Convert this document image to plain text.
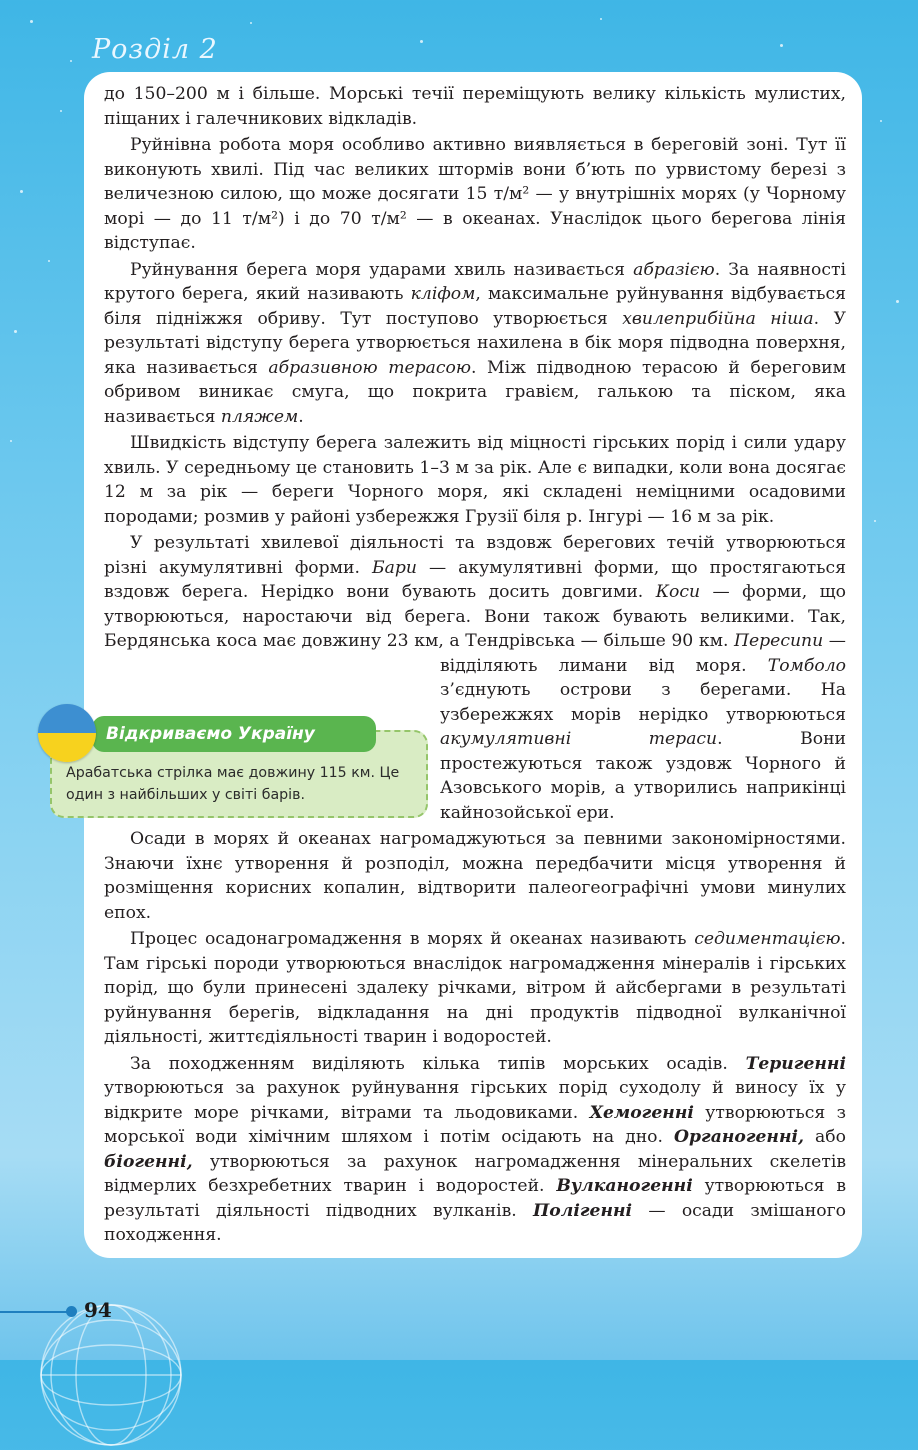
Розділ 2

до 150–200 м і більше. Морські течії переміщують велику кількість мулистих, піщаних і галечникових відкладів.

Руйнівна робота моря особливо активно виявляється в береговій зоні. Тут її виконують хвилі. Під час великих штормів вони б’ють по урвистому березі з величезною силою, що може досягати 15 т/м² — у внутрішніх морях (у Чорному морі — до 11 т/м²) і до 70 т/м² — в океанах. Унаслідок цього берегова лінія відступає.

Руйнування берега моря ударами хвиль називається абразією. За наявності крутого берега, який називають кліфом, максимальне руйнування відбувається біля підніжжя обриву. Тут поступово утворюється хвилеприбійна ніша. У результаті відступу берега утворюється нахилена в бік моря підводна поверхня, яка називається абразивною терасою. Між підводною терасою й береговим обривом виникає смуга, що покрита гравієм, галькою та піском, яка називається пляжем.

Швидкість відступу берега залежить від міцності гірських порід і сили удару хвиль. У середньому це становить 1–3 м за рік. Але є випадки, коли вона досягає 12 м за рік — береги Чорного моря, які складені неміцними осадовими породами; розмив у районі узбережжя Грузії біля р. Інгурі — 16 м за рік.

У результаті хвилевої діяльності та вздовж берегових течій утворюються різні акумулятивні форми. Бари — акумулятивні форми, що простягаються вздовж берега. Нерідко вони бувають досить довгими. Коси — форми, що утворюються, наростаючи від берега. Вони також бувають великими. Так, Бердянська коса має довжину 23 км, а Тендрівська — більше 90 км. Пересипи — відділяють лимани від моря.
Томболо з’єднують острови з берегами. На узбережжях морів нерідко утворюються акумулятивні тераси. Вони простежуються також уздовж Чорного й Азовського морів, а утворились наприкінці кайнозойської ери.

Осади в морях й океанах нагромаджуються за певними закономірностями. Знаючи їхнє утворення й розподіл, можна передбачити місця утворення й розміщення корисних копалин, відтворити палеогеографічні умови минулих епох.

Процес осадонагромадження в морях й океанах називають седиментацією. Там гірські породи утворюються внаслідок нагромадження мінералів і гірських порід, що були принесені здалеку річками, вітром й айсбергами в результаті руйнування берегів, відкладання на дні продуктів підводної вулканічної діяльності, життєдіяльності тварин і водоростей.

За походженням виділяють кілька типів морських осадів. Теригенні утворюються за рахунок руйнування гірських порід суходолу й виносу їх у відкрите море річками, вітрами та льодовиками. Хемогенні утворюються з морської води хімічним шляхом і потім осідають на дно. Органогенні, або біогенні, утворюються за рахунок нагромадження мінеральних скелетів відмерлих безхребетних тварин і водоростей. Вулканогенні утворюються в результаті діяльності підводних вулканів. Полігенні — осади змішаного походження.

Відкриваємо Україну
Арабатська стрілка має довжину 115 км. Це один з найбільших у світі барів.

94
